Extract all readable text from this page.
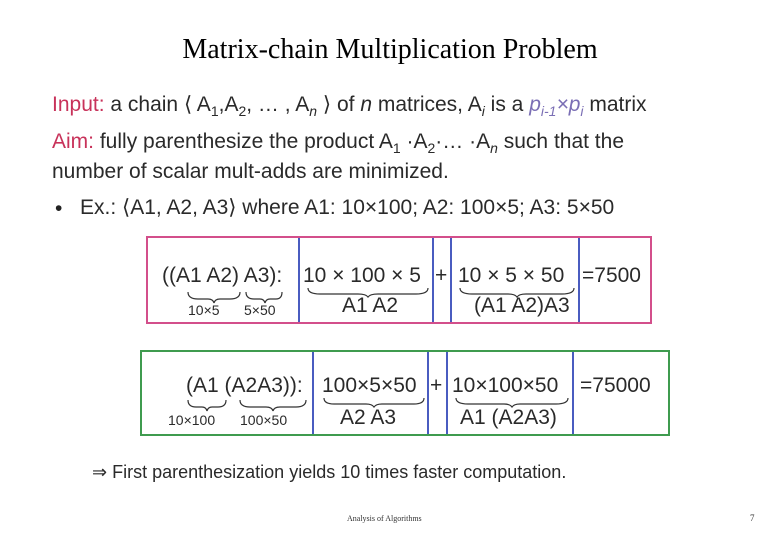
Matrix-chain Multiplication Problem
Input: a chain ⟨ $A_1,A_2$, … , $A_n$ ⟩ of n matrices, $A_i$ is a $p_{i-1}\times p_i$ matrix
Aim: fully parenthesize the product $A_1$ $\cdot A_2\cdot\dots \cdot A_n$ such that the
number of scalar mult-adds are minimized.
• Ex.: ⟨A1, A2, A3⟩ where A1: 10×100; A2: 100×5; A3: 5×50
((A1 A2) A3):
10×5 5×50
10 × 100 × 5
A1 A2
+ 10 × 5 × 50
(A1 A2)A3
=7500
(A1 (A2A3)):
10×100 100×50
100×5×50
A2 A3
+ 10×100×50
A1 (A2A3)
=75000
⇒ First parenthesization yields 10 times faster computation.
Analysis of Algorithms	7
